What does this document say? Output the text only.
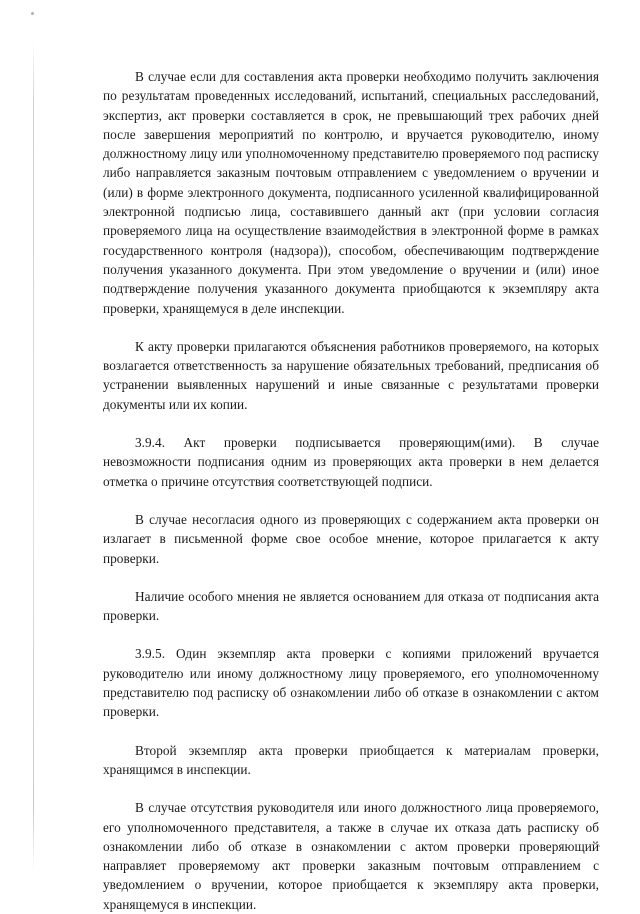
В случае если для составления акта проверки необходимо получить заключения по результатам проведенных исследований, испытаний, специальных расследований, экспертиз, акт проверки составляется в срок, не превышающий трех рабочих дней после завершения мероприятий по контролю, и вручается руководителю, иному должностному лицу или уполномоченному представителю проверяемого под расписку либо направляется заказным почтовым отправлением с уведомлением о вручении и (или) в форме электронного документа, подписанного усиленной квалифицированной электронной подписью лица, составившего данный акт (при условии согласия проверяемого лица на осуществление взаимодействия в электронной форме в рамках государственного контроля (надзора)), способом, обеспечивающим подтверждение получения указанного документа. При этом уведомление о вручении и (или) иное подтверждение получения указанного документа приобщаются к экземпляру акта проверки, хранящемуся в деле инспекции.

К акту проверки прилагаются объяснения работников проверяемого, на которых возлагается ответственность за нарушение обязательных требований, предписания об устранении выявленных нарушений и иные связанные с результатами проверки документы или их копии.

3.9.4. Акт проверки подписывается проверяющим(ими). В случае невозможности подписания одним из проверяющих акта проверки в нем делается отметка о причине отсутствия соответствующей подписи.

В случае несогласия одного из проверяющих с содержанием акта проверки он излагает в письменной форме свое особое мнение, которое прилагается к акту проверки.

Наличие особого мнения не является основанием для отказа от подписания акта проверки.

3.9.5. Один экземпляр акта проверки с копиями приложений вручается руководителю или иному должностному лицу проверяемого, его уполномоченному представителю под расписку об ознакомлении либо об отказе в ознакомлении с актом проверки.

Второй экземпляр акта проверки приобщается к материалам проверки, хранящимся в инспекции.

В случае отсутствия руководителя или иного должностного лица проверяемого, его уполномоченного представителя, а также в случае их отказа дать расписку об ознакомлении либо об отказе в ознакомлении с актом проверки проверяющий направляет проверяемому акт проверки заказным почтовым отправлением с уведомлением о вручении, которое приобщается к экземпляру акта проверки, хранящемуся в инспекции.
